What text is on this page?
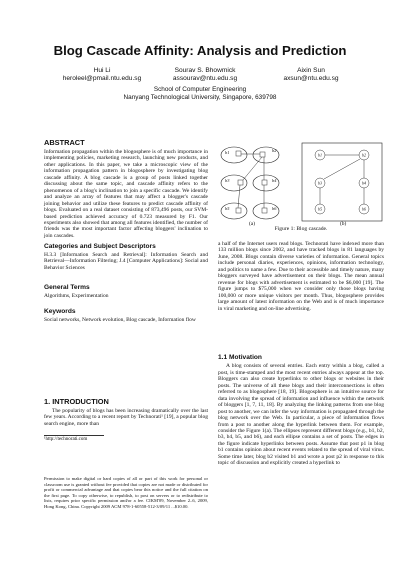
Blog Cascade Affinity: Analysis and Prediction
Hui Li
heroleel@pmail.ntu.edu.sg
Sourav S. Bhowmick
assourav@ntu.edu.sg
Aixin Sun
axsun@ntu.edu.sg
School of Computer Engineering
Nanyang Technological University, Singapore, 639798
ABSTRACT

Information propagation within the blogosphere is of much importance in implementing policies, marketing research, launching new products, and other applications. In this paper, we take a microscopic view of the information propagation pattern in blogosphere by investigating blog cascade affinity. A blog cascade is a group of posts linked together discussing about the same topic, and cascade affinity refers to the phenomenon of a blog's inclination to join a specific cascade. We identify and analyze an array of features that may affect a blogger's cascade joining behavior and utilize these features to predict cascade affinity of blogs. Evaluated on a real dataset consisting of 873,496 posts, our SVM-based prediction achieved accuracy of 0.723 measured by F1. Our experiments also showed that among all features identified, the number of friends was the most important factor affecting bloggers' inclination to join cascades.

Categories and Subject Descriptors

H.3.3 [Information Search and Retrieval]: Information Search and Retrieval—Information Filtering; J.4 [Computer Applications]: Social and Behavior Sciences

General Terms

Algorithms, Experimentation

Keywords

Social networks, Network evolution, Blog cascade, Information flow

1. INTRODUCTION

The popularity of blogs has been increasing dramatically over the last few years. According to a recent report by Technorati¹ [19], a popular blog search engine, more than

¹http://technorati.com
Permission to make digital or hard copies of all or part of this work for personal or classroom use is granted without fee provided that copies are not made or distributed for profit or commercial advantage and that copies bear this notice and the full citation on the first page. To copy otherwise, to republish, to post on servers or to redistribute to lists, requires prior specific permission and/or a fee. CIKM'09, November 2–6, 2009, Hong Kong, China. Copyright 2009 ACM 978-1-60558-512-3/09/11 ...$10.00.
b1	b2
b3	b4
b5	b6
b1	b2
b3	b4
b5	b6
(a)	(b)
Figure 1: Blog cascade.

a half of the Internet users read blogs. Technorati have indexed more than 133 million blogs since 2002, and have tracked blogs in 81 languages by June, 2008. Blogs contain diverse varieties of information. General topics include personal diaries, experiences, opinions, information technology, and politics to name a few. Due to their accessible and timely nature, many bloggers surveyed have advertisement on their blogs. The mean annual revenue for blogs with advertisement is estimated to be $6,000 [19]. The figure jumps to $75,000 when we consider only those blogs having 100,000 or more unique visitors per month. Thus, blogosphere provides large amount of latest information on the Web and is of much importance in viral marketing and on-line advertising.

1.1 Motivation

A blog consists of several entries. Each entry within a blog, called a post, is time-stamped and the most recent entries always appear at the top. Bloggers can also create hyperlinks to other blogs or websites in their posts. The universe of all these blogs and their interconnections is often referred to as blogosphere [18, 19]. Blogosphere is an intuitive source for data involving the spread of information and influence within the network of bloggers [1, 7, 11, 18]. By analyzing the linking patterns from one blog post to another, we can infer the way information is propagated through the blog network over the Web. In particular, a piece of information flows from a post to another along the hyperlink between them. For example, consider the Figure 1(a). The ellipses represent different blogs (e.g., b1, b2, b3, b4, b5, and b6), and each ellipse contains a set of posts. The edges in the figure indicate hyperlinks between posts. Assume that post p1 in blog b1 contains opinion about recent events related to the spread of viral virus. Some time later, blog b2 visited b1 and wrote a post p2 in response to this topic of discussion and explicitly created a hyperlink to
